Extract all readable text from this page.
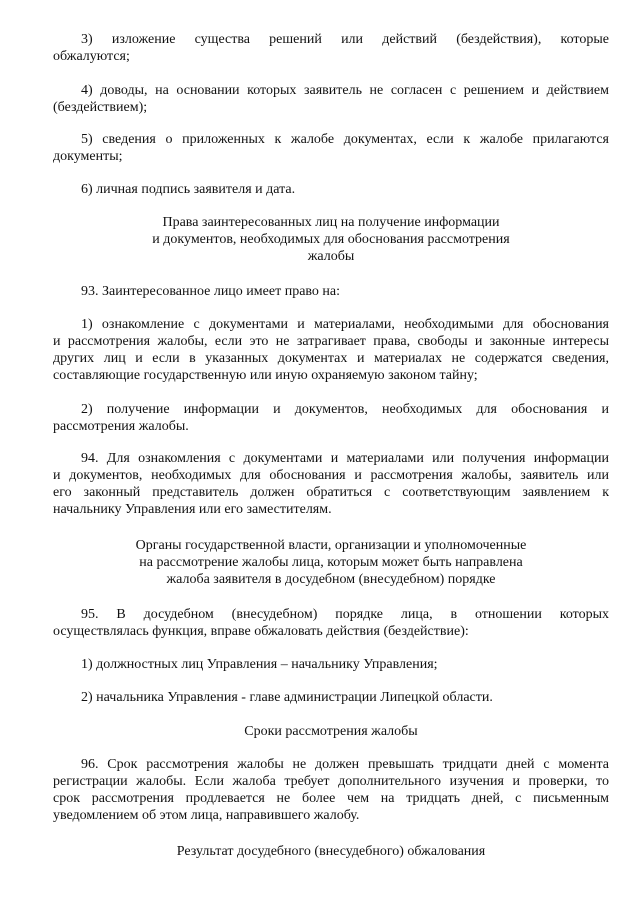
3) изложение существа решений или действий (бездействия), которые
обжалуются;

4) доводы, на основании которых заявитель не согласен с решением и действием
(бездействием);

5) сведения о приложенных к жалобе документах, если к жалобе прилагаются
документы;

6) личная подпись заявителя и дата.

Права заинтересованных лиц на получение информации
и документов, необходимых для обоснования рассмотрения
жалобы

93. Заинтересованное лицо имеет право на:

1) ознакомление с документами и материалами, необходимыми для обоснования
и рассмотрения жалобы, если это не затрагивает права, свободы и законные интересы
других лиц и если в указанных документах и материалах не содержатся сведения,
составляющие государственную или иную охраняемую законом тайну;

2) получение информации и документов, необходимых для обоснования и
рассмотрения жалобы.

94. Для ознакомления с документами и материалами или получения информации
и документов, необходимых для обоснования и рассмотрения жалобы, заявитель или
его законный представитель должен обратиться с соответствующим заявлением к
начальнику Управления или его заместителям.

Органы государственной власти, организации и уполномоченные
на рассмотрение жалобы лица, которым может быть направлена
жалоба заявителя в досудебном (внесудебном) порядке

95. В досудебном (внесудебном) порядке лица, в отношении которых
осуществлялась функция, вправе обжаловать действия (бездействие):

1) должностных лиц Управления – начальнику Управления;

2) начальника Управления - главе администрации Липецкой области.

Сроки рассмотрения жалобы

96. Срок рассмотрения жалобы не должен превышать тридцати дней с момента
регистрации жалобы. Если жалоба требует дополнительного изучения и проверки, то
срок рассмотрения продлевается не более чем на тридцать дней, с письменным
уведомлением об этом лица, направившего жалобу.

Результат досудебного (внесудебного) обжалования
